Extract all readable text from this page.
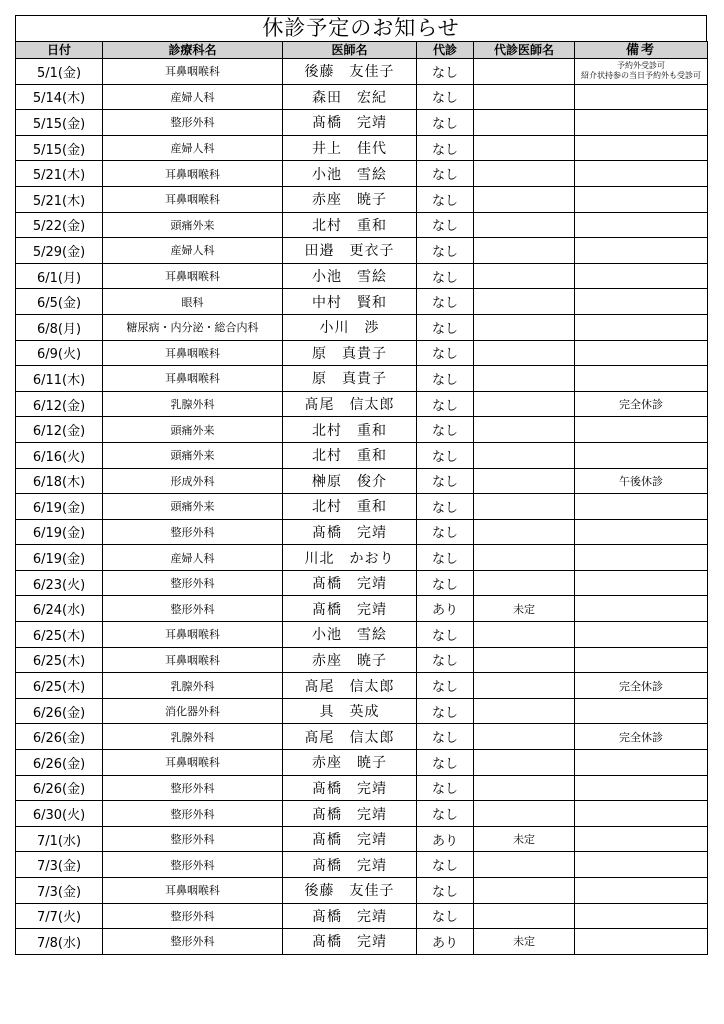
休診予定のお知らせ
日付	診療科名	医師名	代診	代診医師名	備考
5/1(金)	耳鼻咽喉科	後藤　友佳子	なし		予約外受診可
紹介状持参の当日予約外も受診可
5/14(木)	産婦人科	森田　宏紀	なし		
5/15(金)	整形外科	髙橋　完靖	なし		
5/15(金)	産婦人科	井上　佳代	なし		
5/21(木)	耳鼻咽喉科	小池　雪絵	なし		
5/21(木)	耳鼻咽喉科	赤座　暁子	なし		
5/22(金)	頭痛外来	北村　重和	なし		
5/29(金)	産婦人科	田邉　更衣子	なし		
6/1(月)	耳鼻咽喉科	小池　雪絵	なし		
6/5(金)	眼科	中村　賢和	なし		
6/8(月)	糖尿病・内分泌・総合内科	小川　渉	なし		
6/9(火)	耳鼻咽喉科	原　真貴子	なし		
6/11(木)	耳鼻咽喉科	原　真貴子	なし		
6/12(金)	乳腺外科	髙尾　信太郎	なし		完全休診
6/12(金)	頭痛外来	北村　重和	なし		
6/16(火)	頭痛外来	北村　重和	なし		
6/18(木)	形成外科	榊原　俊介	なし		午後休診
6/19(金)	頭痛外来	北村　重和	なし		
6/19(金)	整形外科	髙橋　完靖	なし		
6/19(金)	産婦人科	川北　かおり	なし		
6/23(火)	整形外科	髙橋　完靖	なし		
6/24(水)	整形外科	髙橋　完靖	あり	未定	
6/25(木)	耳鼻咽喉科	小池　雪絵	なし		
6/25(木)	耳鼻咽喉科	赤座　暁子	なし		
6/25(木)	乳腺外科	髙尾　信太郎	なし		完全休診
6/26(金)	消化器外科	具　英成	なし		
6/26(金)	乳腺外科	髙尾　信太郎	なし		完全休診
6/26(金)	耳鼻咽喉科	赤座　暁子	なし		
6/26(金)	整形外科	髙橋　完靖	なし		
6/30(火)	整形外科	髙橋　完靖	なし		
7/1(水)	整形外科	髙橋　完靖	あり	未定	
7/3(金)	整形外科	髙橋　完靖	なし		
7/3(金)	耳鼻咽喉科	後藤　友佳子	なし		
7/7(火)	整形外科	髙橋　完靖	なし		
7/8(水)	整形外科	髙橋　完靖	あり	未定	
